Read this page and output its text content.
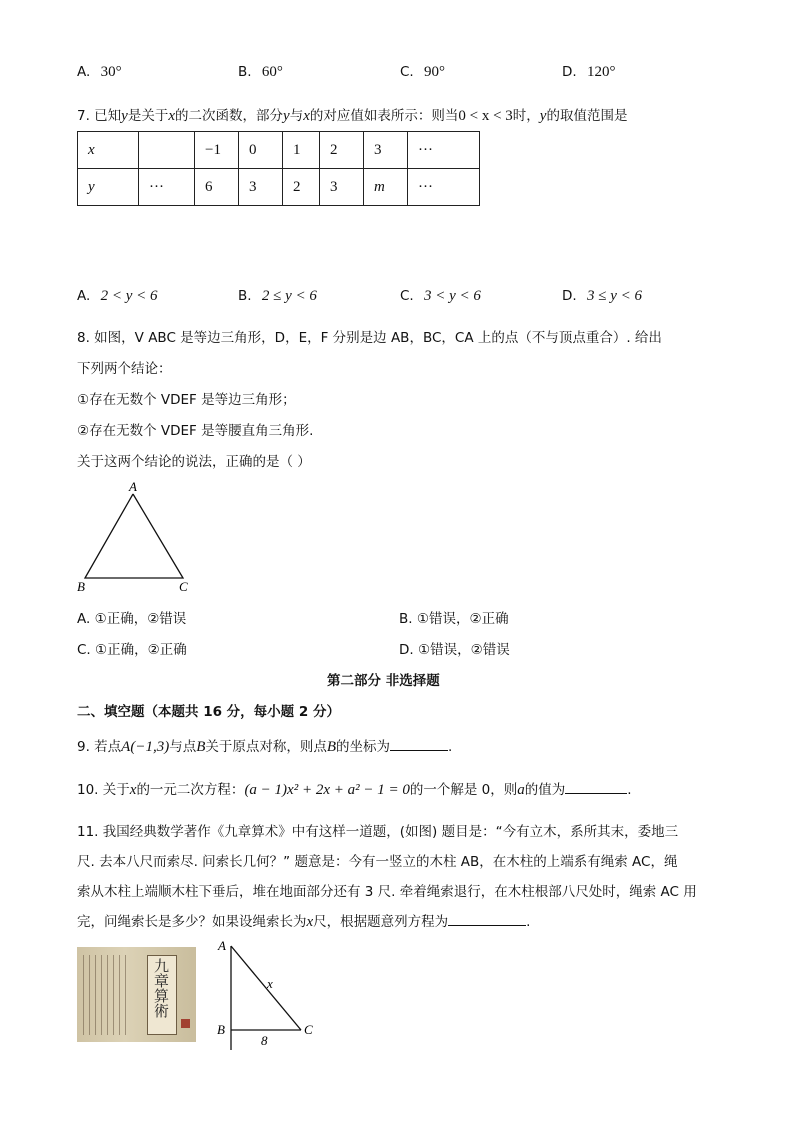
A. 30°	B. 60°	C. 90°	D. 120°
7. 已知y是关于x的二次函数，部分y与x的对应值如表所示：则当0 < x < 3时，y的取值范围是
x		−1	0	1	2	3	···
y	···	6	3	2	3	m	···
A. 2 < y < 6	B. 2 ≤ y < 6	C. 3 < y < 6	D. 3 ≤ y < 6
8. 如图，V ABC 是等边三角形，D，E，F 分别是边 AB，BC，CA 上的点（不与顶点重合）. 给出
下列两个结论：
①存在无数个 VDEF 是等边三角形；
②存在无数个 VDEF 是等腰直角三角形.
关于这两个结论的说法，正确的是（ ）
A
B	C
A. ①正确，②错误	B. ①错误，②正确
C. ①正确，②正确	D. ①错误，②错误
第二部分 非选择题
二、填空题（本题共 16 分，每小题 2 分）
9. 若点A(−1,3)与点B关于原点对称，则点B的坐标为	.
10. 关于x的一元二次方程：(a − 1)x² + 2x + a² − 1 = 0的一个解是 0，则a的值为	.
11. 我国经典数学著作《九章算术》中有这样一道题，(如图) 题目是：“今有立木，系所其末，委地三
尺. 去本八尺而索尽. 问索长几何？” 题意是：今有一竖立的木柱 AB，在木柱的上端系有绳索 AC，绳
索从木柱上端顺木柱下垂后，堆在地面部分还有 3 尺. 牵着绳索退行，在木柱根部八尺处时，绳索 AC 用
完，问绳索长是多少？如果设绳索长为x尺，根据题意列方程为	.
九章算術
A
B	C
x
8
